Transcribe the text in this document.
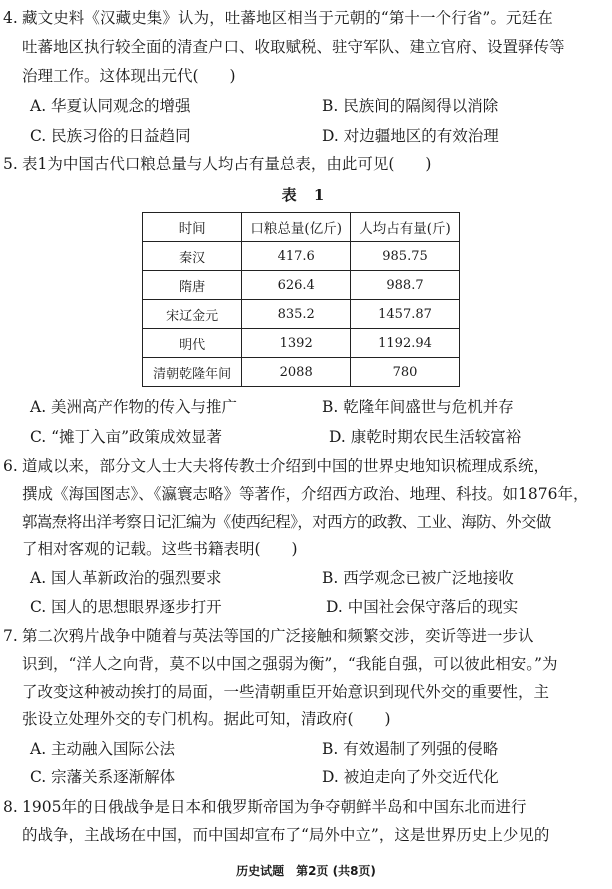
4. 藏文史料《汉藏史集》认为，吐蕃地区相当于元朝的“第十一个行省”。元廷在
吐蕃地区执行较全面的清查户口、收取赋税、驻守军队、建立官府、设置驿传等
治理工作。这体现出元代(　　)
A. 华夏认同观念的增强	B. 民族间的隔阂得以消除
C. 民族习俗的日益趋同	D. 对边疆地区的有效治理
5. 表1为中国古代口粮总量与人均占有量总表，由此可见(　　)
表 1
时间	口粮总量(亿斤)	人均占有量(斤)
秦汉	417.6	985.75
隋唐	626.4	988.7
宋辽金元	835.2	1457.87
明代	1392	1192.94
清朝乾隆年间	2088	780
A. 美洲高产作物的传入与推广	B. 乾隆年间盛世与危机并存
C. “摊丁入亩”政策成效显著	D. 康乾时期农民生活较富裕
6. 道咸以来，部分文人士大夫将传教士介绍到中国的世界史地知识梳理成系统，
撰成《海国图志》、《瀛寰志略》等著作，介绍西方政治、地理、科技。如1876年，
郭嵩焘将出洋考察日记汇编为《使西纪程》，对西方的政教、工业、海防、外交做
了相对客观的记载。这些书籍表明(　　)
A. 国人革新政治的强烈要求	B. 西学观念已被广泛地接收
C. 国人的思想眼界逐步打开	D. 中国社会保守落后的现实
7. 第二次鸦片战争中随着与英法等国的广泛接触和频繁交涉，奕䜣等进一步认
识到，“洋人之向背，莫不以中国之强弱为衡”，“我能自强，可以彼此相安。”为
了改变这种被动挨打的局面，一些清朝重臣开始意识到现代外交的重要性，主
张设立处理外交的专门机构。据此可知，清政府(　　)
A. 主动融入国际公法	B. 有效遏制了列强的侵略
C. 宗藩关系逐渐解体	D. 被迫走向了外交近代化
8. 1905年的日俄战争是日本和俄罗斯帝国为争夺朝鲜半岛和中国东北而进行
的战争，主战场在中国，而中国却宣布了“局外中立”，这是世界历史上少见的
历史试题　第2页 (共8页)
